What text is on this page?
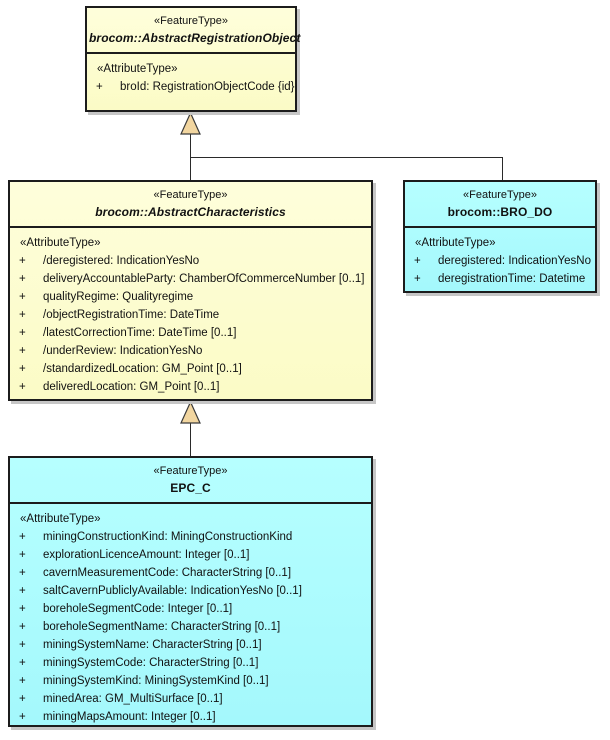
«FeatureType»
brocom::AbstractRegistrationObject
«AttributeType»
+	broId: RegistrationObjectCode {id}
«FeatureType»
brocom::AbstractCharacteristics
«AttributeType»
+	/deregistered: IndicationYesNo
+	deliveryAccountableParty: ChamberOfCommerceNumber [0..1]
+	qualityRegime: Qualityregime
+	/objectRegistrationTime: DateTime
+	/latestCorrectionTime: DateTime [0..1]
+	/underReview: IndicationYesNo
+	/standardizedLocation: GM_Point [0..1]
+	deliveredLocation: GM_Point [0..1]
«FeatureType»
brocom::BRO_DO
«AttributeType»
+	deregistered: IndicationYesNo
+	deregistrationTime: Datetime
«FeatureType»
EPC_C
«AttributeType»
+	miningConstructionKind: MiningConstructionKind
+	explorationLicenceAmount: Integer [0..1]
+	cavernMeasurementCode: CharacterString [0..1]
+	saltCavernPubliclyAvailable: IndicationYesNo [0..1]
+	boreholeSegmentCode: Integer [0..1]
+	boreholeSegmentName: CharacterString [0..1]
+	miningSystemName: CharacterString [0..1]
+	miningSystemCode: CharacterString [0..1]
+	miningSystemKind: MiningSystemKind [0..1]
+	minedArea: GM_MultiSurface [0..1]
+	miningMapsAmount: Integer [0..1]
